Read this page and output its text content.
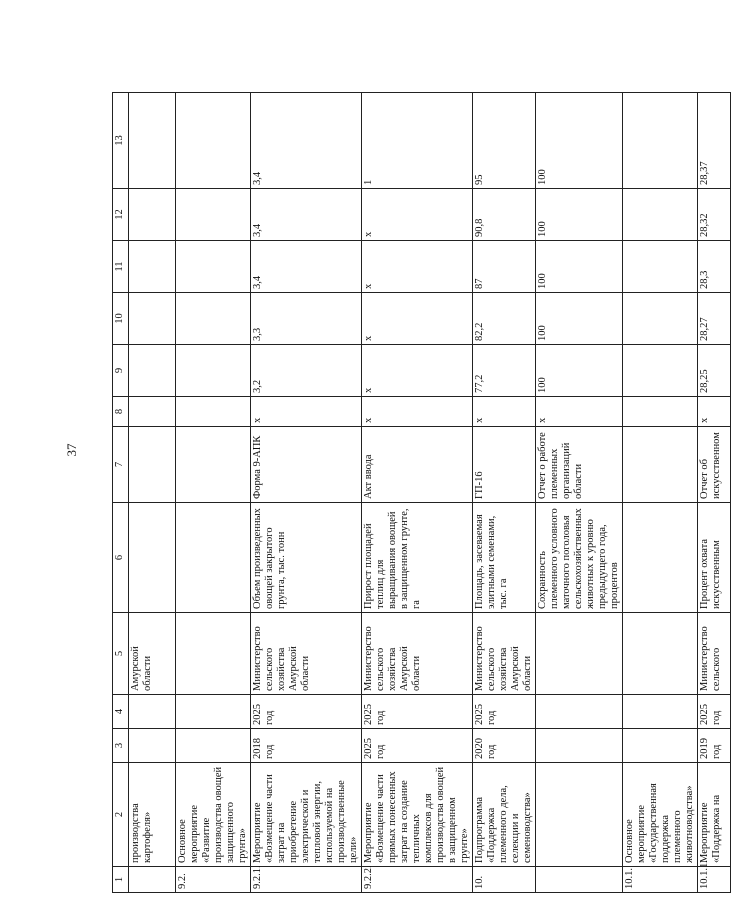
37
1	2	3	4	5	6	7	8	9	10	11	12	13
	производства картофеля»			Амурской области								
9.2.	Основное мероприятие «Развитие производства овощей защищенного грунта»											
9.2.1.	Мероприятие «Возмещение части затрат на приобретение электрической и тепловой энергии, используемой на производственные цели»	2018 год	2025 год	Министерство сельского хозяйства Амурской области	Объем произведенных овощей закрытого грунта, тыс. тонн	Форма 9-АПК	x	3,2	3,3	3,4	3,4	3,4
9.2.2.	Мероприятие «Возмещение части прямых понесенных затрат на создание тепличных комплексов для производства овощей в защищенном грунте»	2025 год	2025 год	Министерство сельского хозяйства Амурской области	Прирост площадей теплиц для выращивания овощей в защищенном грунте, га	Акт ввода	x	x	x	x	x	1
10.	Подпрограмма «Поддержка племенного дела, селекции и семеноводства»	2020 год	2025 год	Министерство сельского хозяйства Амурской области	Площадь, засеваемая элитными семенами, тыс. га	ГП-16	x	77,2	82,2	87	90,8	95
					Сохранность племенного условного маточного поголовья сельскохозяйственных животных к уровню предыдущего года, процентов	Отчет о работе племенных организаций области	x	100	100	100	100	100
10.1.	Основное мероприятие «Государственная поддержка племенного животноводства»											
10.1.1.	Мероприятие «Поддержка на	2019 год	2025 год	Министерство сельского	Процент охвата искусственным	Отчет об искусственном	x	28,25	28,27	28,3	28,32	28,37
